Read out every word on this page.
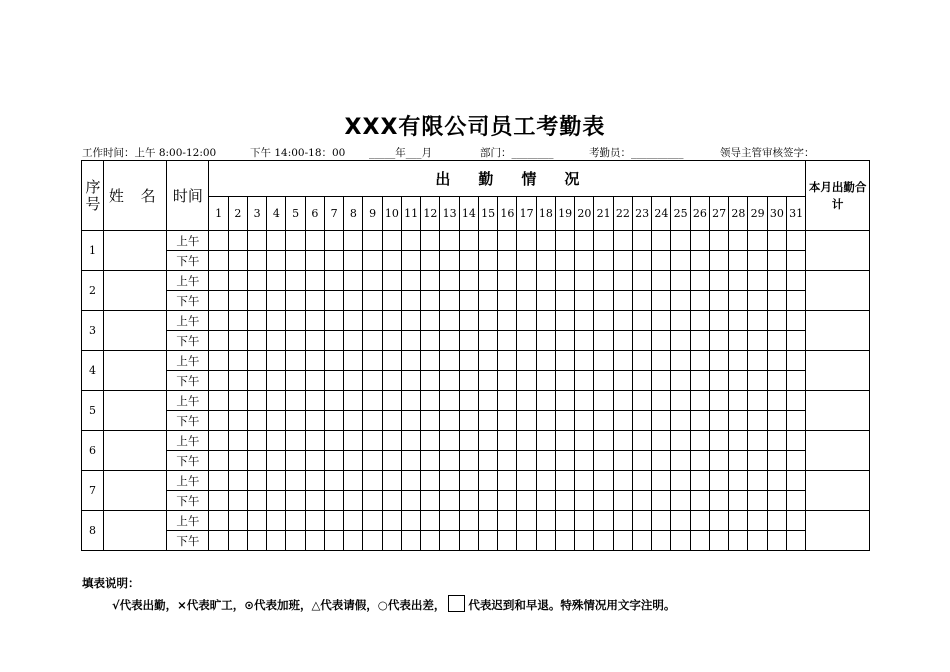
XXX有限公司员工考勤表
工作时间：上午 8:00-12:00	下午 14:00-18：00 _____年___月	部门：________	考勤员：__________	领导主管审核签字：
序号	姓 名	时间	出勤情况																															本月出勤合计

			1	2	3	4	5	6	7	8	9	10	11	12	13	14	15	16	17	18	19	20	21	22	23	24	25	26	27	28	29	30	31	
1		上午																																
		下午																																
2		上午																																
		下午																																
3		上午																																
		下午																																
4		上午																																
		下午																																
5		上午																																
		下午																																
6		上午																																
		下午																																
7		上午																																
		下午																																
8		上午																																
		下午																																
填表说明：
√代表出勤，×代表旷工，⊙代表加班，△代表请假，○代表出差， 代表迟到和早退。特殊情况用文字注明。
